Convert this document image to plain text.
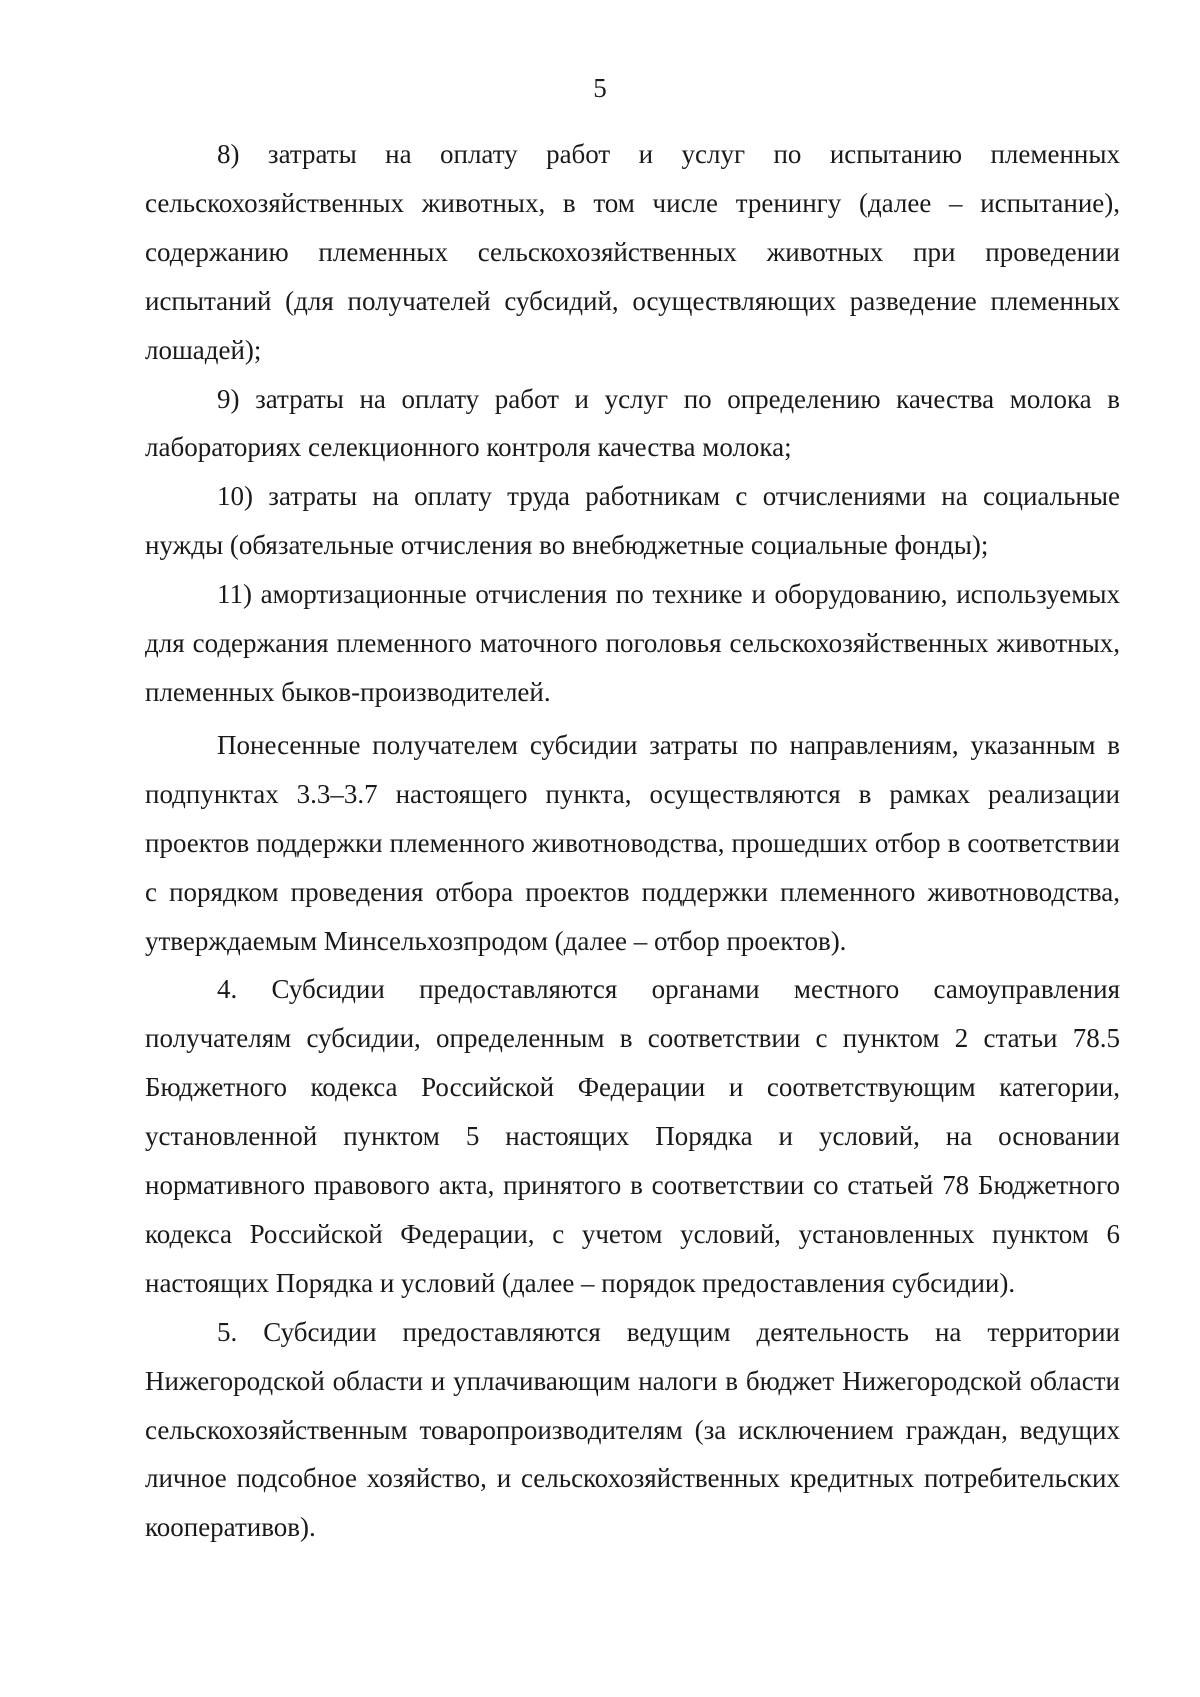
5

8) затраты на оплату работ и услуг по испытанию племенных сельскохозяйственных животных, в том числе тренингу (далее – испытание), содержанию племенных сельскохозяйственных животных при проведении испытаний (для получателей субсидий, осуществляющих разведение племенных лошадей);

9) затраты на оплату работ и услуг по определению качества молока в лабораториях селекционного контроля качества молока;

10) затраты на оплату труда работникам с отчислениями на социальные нужды (обязательные отчисления во внебюджетные социальные фонды);

11) амортизационные отчисления по технике и оборудованию, используемых для содержания племенного маточного поголовья сельскохозяйственных животных, племенных быков-производителей.

Понесенные получателем субсидии затраты по направлениям, указанным в подпунктах 3.3–3.7 настоящего пункта, осуществляются в рамках реализации проектов поддержки племенного животноводства, прошедших отбор в соответствии с порядком проведения отбора проектов поддержки племенного животноводства, утверждаемым Минсельхозпродом (далее – отбор проектов).

4. Субсидии предоставляются органами местного самоуправления получателям субсидии, определенным в соответствии с пунктом 2 статьи 78.5 Бюджетного кодекса Российской Федерации и соответствующим категории, установленной пунктом 5 настоящих Порядка и условий, на основании нормативного правового акта, принятого в соответствии со статьей 78 Бюджетного кодекса Российской Федерации, с учетом условий, установленных пунктом 6 настоящих Порядка и условий (далее – порядок предоставления субсидии).

5. Субсидии предоставляются ведущим деятельность на территории Нижегородской области и уплачивающим налоги в бюджет Нижегородской области сельскохозяйственным товаропроизводителям (за исключением граждан, ведущих личное подсобное хозяйство, и сельскохозяйственных кредитных потребительских кооперативов).
